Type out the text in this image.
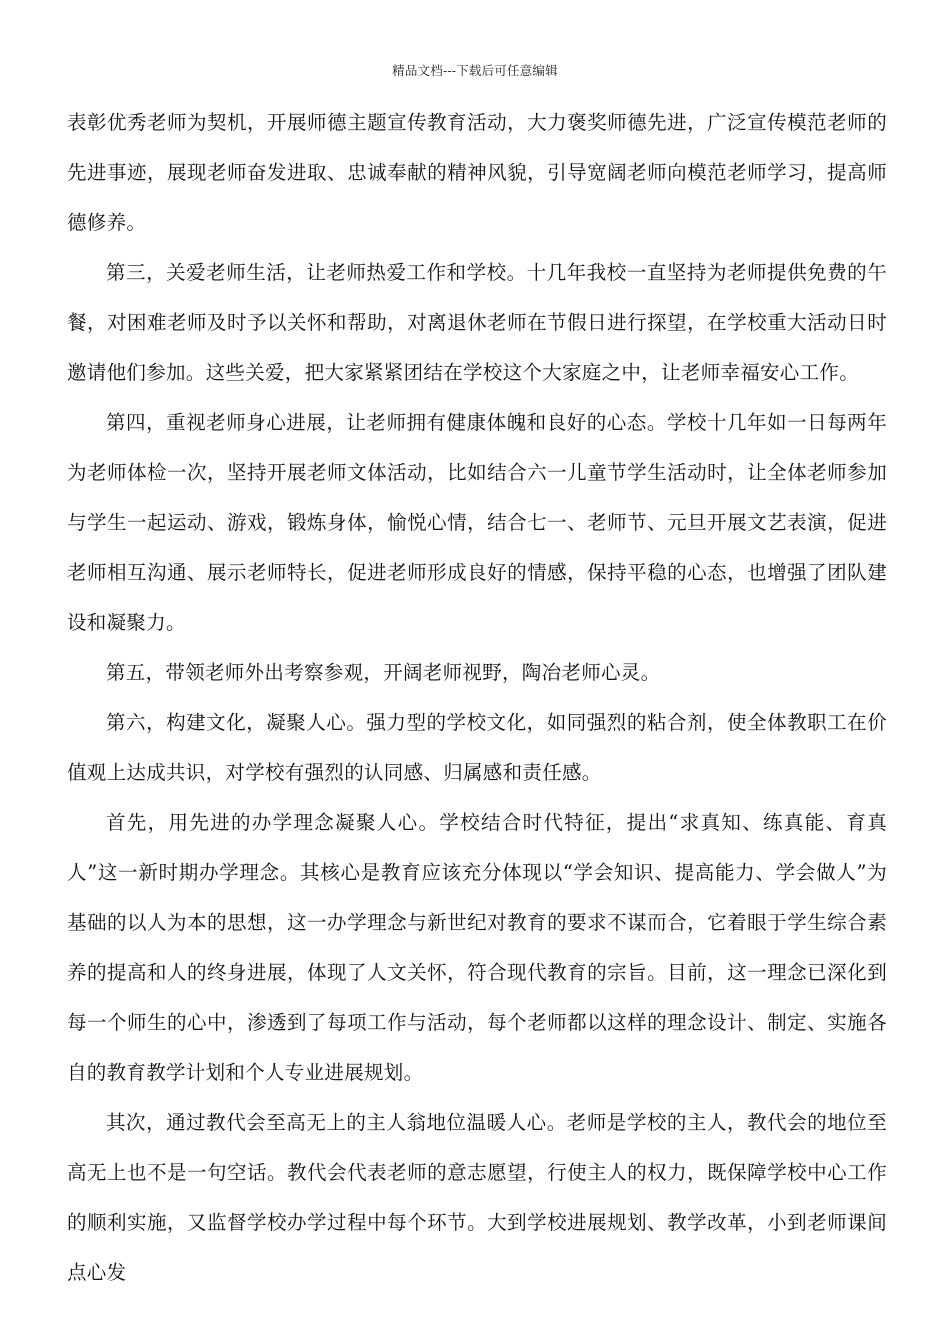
精品文档---下载后可任意编辑

表彰优秀老师为契机，开展师德主题宣传教育活动，大力褒奖师德先进，广泛宣传模范老师的先进事迹，展现老师奋发进取、忠诚奉献的精神风貌，引导宽阔老师向模范老师学习，提高师德修养。

第三，关爱老师生活，让老师热爱工作和学校。十几年我校一直坚持为老师提供免费的午餐，对困难老师及时予以关怀和帮助，对离退休老师在节假日进行探望，在学校重大活动日时邀请他们参加。这些关爱，把大家紧紧团结在学校这个大家庭之中，让老师幸福安心工作。

第四，重视老师身心进展，让老师拥有健康体魄和良好的心态。学校十几年如一日每两年为老师体检一次，坚持开展老师文体活动，比如结合六一儿童节学生活动时，让全体老师参加与学生一起运动、游戏，锻炼身体，愉悦心情，结合七一、老师节、元旦开展文艺表演，促进老师相互沟通、展示老师特长，促进老师形成良好的情感，保持平稳的心态，也增强了团队建设和凝聚力。

第五，带领老师外出考察参观，开阔老师视野，陶冶老师心灵。

第六，构建文化，凝聚人心。强力型的学校文化，如同强烈的粘合剂，使全体教职工在价值观上达成共识，对学校有强烈的认同感、归属感和责任感。

首先，用先进的办学理念凝聚人心。学校结合时代特征，提出“求真知、练真能、育真人”这一新时期办学理念。其核心是教育应该充分体现以“学会知识、提高能力、学会做人”为基础的以人为本的思想，这一办学理念与新世纪对教育的要求不谋而合，它着眼于学生综合素养的提高和人的终身进展，体现了人文关怀，符合现代教育的宗旨。目前，这一理念已深化到每一个师生的心中，渗透到了每项工作与活动，每个老师都以这样的理念设计、制定、实施各自的教育教学计划和个人专业进展规划。

其次，通过教代会至高无上的主人翁地位温暖人心。老师是学校的主人，教代会的地位至高无上也不是一句空话。教代会代表老师的意志愿望，行使主人的权力，既保障学校中心工作的顺利实施，又监督学校办学过程中每个环节。大到学校进展规划、教学改革，小到老师课间点心发
